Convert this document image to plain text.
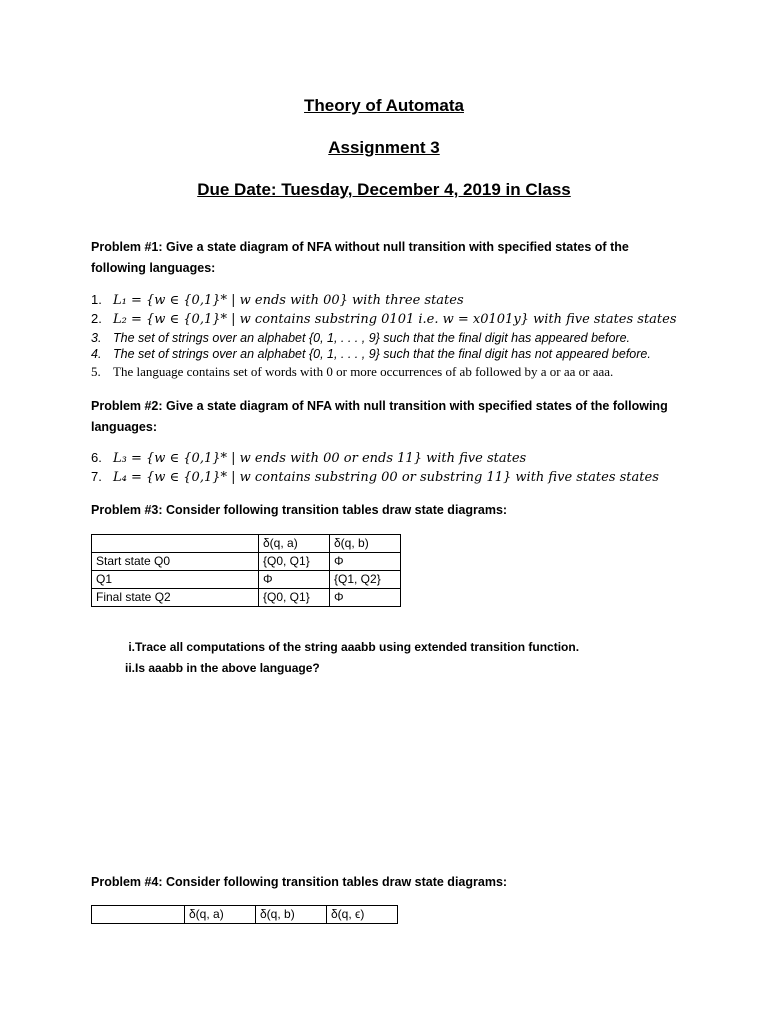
Theory of Automata
Assignment 3
Due Date: Tuesday, December 4, 2019 in Class
Problem #1: Give a state diagram of NFA without null transition with specified states of the following languages:
1. L₁ = {w ∈ {0,1}* | w ends with 00} with three states
2. L₂ = {w ∈ {0,1}* | w contains substring 0101 i.e. w = x0101y} with five states states
3. The set of strings over an alphabet {0, 1, . . . , 9} such that the final digit has appeared before.
4. The set of strings over an alphabet {0, 1, . . . , 9} such that the final digit has not appeared before.
5. The language contains set of words with 0 or more occurrences of ab followed by a or aa or aaa.
Problem #2: Give a state diagram of NFA with null transition with specified states of the following languages:
6. L₃ = {w ∈ {0,1}* | w ends with 00 or ends 11} with five states
7. L₄ = {w ∈ {0,1}* | w contains substring 00 or substring 11} with five states states
Problem #3: Consider following transition tables draw state diagrams:
	δ(q, a)	δ(q, b)
Start state Q0	{Q0, Q1}	Φ
Q1	Φ	{Q1, Q2}
Final state Q2	{Q0, Q1}	Φ
i. Trace all computations of the string aaabb using extended transition function.
ii. Is aaabb in the above language?
Problem #4: Consider following transition tables draw state diagrams:
	δ(q, a)	δ(q, b)	δ(q, ϵ)
